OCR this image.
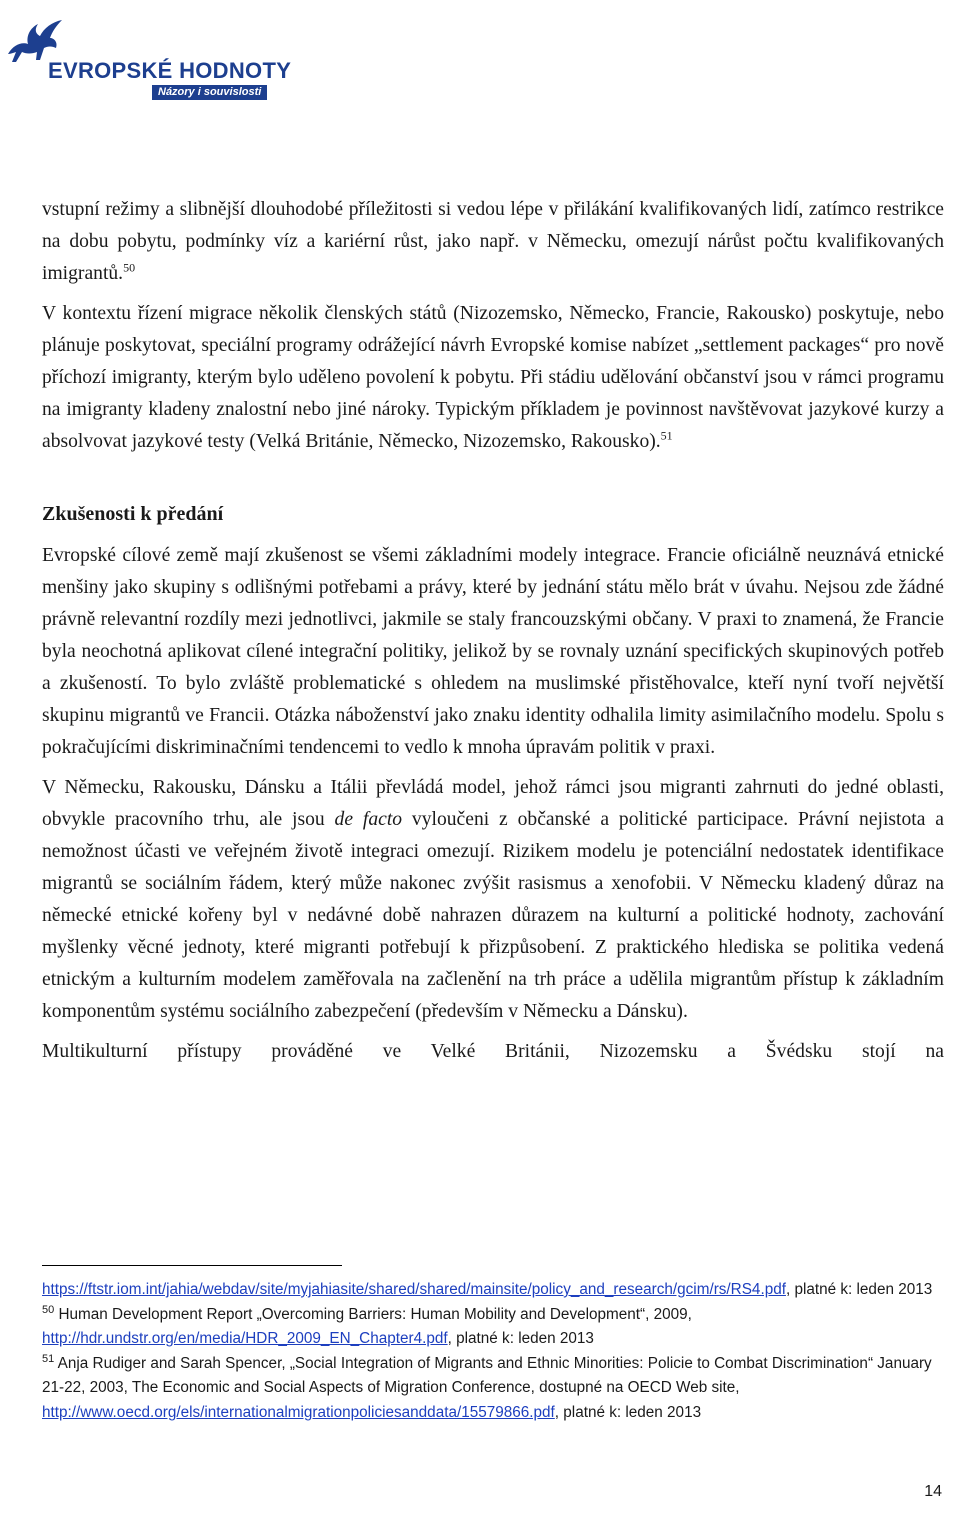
EVROPSKÉ HODNOTY
Názory i souvislosti

vstupní režimy a slibnější dlouhodobé příležitosti si vedou lépe v přilákání kvalifikovaných lidí, zatímco restrikce na dobu pobytu, podmínky víz a kariérní růst, jako např. v Německu, omezují nárůst počtu kvalifikovaných imigrantů.$^{50}$

V kontextu řízení migrace několik členských států (Nizozemsko, Německo, Francie, Rakousko) poskytuje, nebo plánuje poskytovat, speciální programy odrážející návrh Evropské komise nabízet „settlement packages“ pro nově příchozí imigranty, kterým bylo uděleno povolení k pobytu. Při stádiu udělování občanství jsou v rámci programu na imigranty kladeny znalostní nebo jiné nároky. Typickým příkladem je povinnost navštěvovat jazykové kurzy a absolvovat jazykové testy (Velká Británie, Německo, Nizozemsko, Rakousko).$^{51}$

Zkušenosti k předání

Evropské cílové země mají zkušenost se všemi základními modely integrace. Francie oficiálně neuznává etnické menšiny jako skupiny s odlišnými potřebami a právy, které by jednání státu mělo brát v úvahu. Nejsou zde žádné právně relevantní rozdíly mezi jednotlivci, jakmile se staly francouzskými občany. V praxi to znamená, že Francie byla neochotná aplikovat cílené integrační politiky, jelikož by se rovnaly uznání specifických skupinových potřeb a zkušeností. To bylo zvláště problematické s ohledem na muslimské přistěhovalce, kteří nyní tvoří největší skupinu migrantů ve Francii. Otázka náboženství jako znaku identity odhalila limity asimilačního modelu. Spolu s pokračujícími diskriminačními tendencemi to vedlo k mnoha úpravám politik v praxi.

V Německu, Rakousku, Dánsku a Itálii převládá model, jehož rámci jsou migranti zahrnuti do jedné oblasti, obvykle pracovního trhu, ale jsou de facto vyloučeni z občanské a politické participace. Právní nejistota a nemožnost účasti ve veřejném životě integraci omezují. Rizikem modelu je potenciální nedostatek identifikace migrantů se sociálním řádem, který může nakonec zvýšit rasismus a xenofobii. V Německu kladený důraz na německé etnické kořeny byl v nedávné době nahrazen důrazem na kulturní a politické hodnoty, zachování myšlenky věcné jednoty, které migranti potřebují k přizpůsobení. Z praktického hlediska se politika vedená etnickým a kulturním modelem zaměřovala na začlenění na trh práce a udělila migrantům přístup k základním komponentům systému sociálního zabezpečení (především v Německu a Dánsku).

Multikulturní přístupy prováděné ve Velké Británii, Nizozemsku a Švédsku stojí na

https://ftstr.iom.int/jahia/webdav/site/myjahiasite/shared/shared/mainsite/policy_and_research/gcim/rs/RS4.pdf, platné k: leden 2013
$^{50}$ Human Development Report „Overcoming Barriers: Human Mobility and Development“, 2009, http://hdr.undstr.org/en/media/HDR_2009_EN_Chapter4.pdf, platné k: leden 2013
$^{51}$ Anja Rudiger and Sarah Spencer, „Social Integration of Migrants and Ethnic Minorities: Policie to Combat Discrimination“ January 21-22, 2003, The Economic and Social Aspects of Migration Conference, dostupné na OECD Web site, http://www.oecd.org/els/internationalmigrationpoliciesanddata/15579866.pdf, platné k: leden 2013
14
